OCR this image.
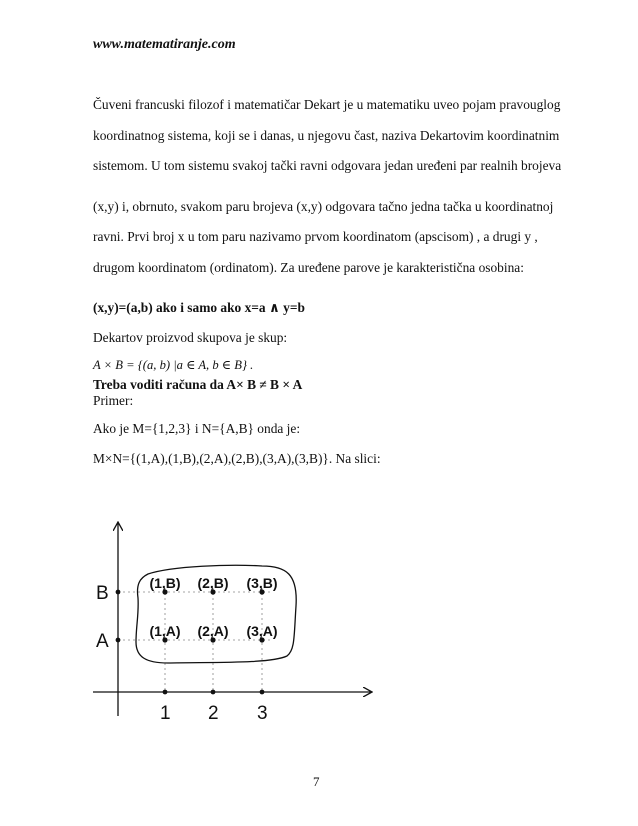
www.matematiranje.com
Čuveni francuski filozof i matematičar Dekart je u matematiku uveo pojam pravouglog
koordinatnog sistema, koji se i danas, u njegovu čast, naziva Dekartovim koordinatnim
sistemom. U tom sistemu svakoj tački ravni odgovara jedan uređeni par realnih brojeva
(x,y) i, obrnuto, svakom paru brojeva (x,y) odgovara tačno jedna tačka u koordinatnoj
ravni. Prvi broj x u tom paru nazivamo prvom koordinatom (apscisom) , a drugi y ,
drugom koordinatom (ordinatom). Za uređene parove je karakteristična osobina:
(x,y)=(a,b) ako i samo ako x=a ∧ y=b
Dekartov proizvod skupova je skup:
A × B = {(a, b) |a ∈ A, b ∈ B} .
Treba voditi računa da A× B ≠ B × A
Primer:
Ako je M={1,2,3} i N={A,B} onda je:
M×N={(1,A),(1,B),(2,A),(2,B),(3,A),(3,B)}. Na slici:
A
B
1 2 3
(1,B) (2,B) (3,B)
(1,A) (2,A) (3,A)
7
